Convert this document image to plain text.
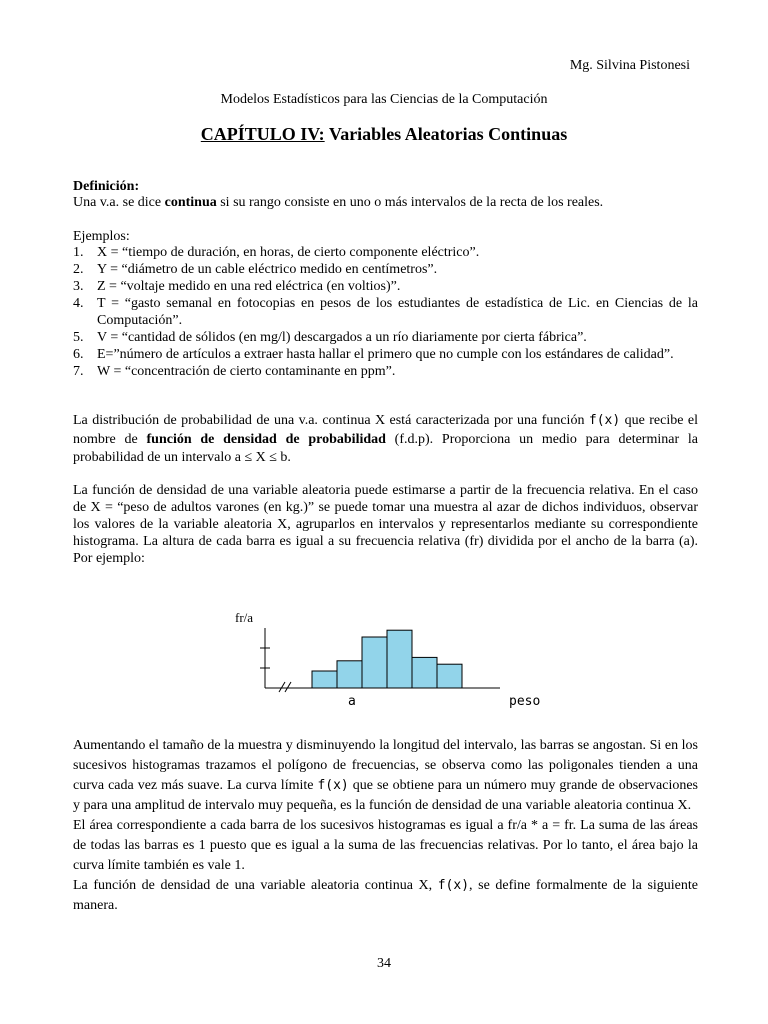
Mg. Silvina Pistonesi
Modelos Estadísticos para las Ciencias de la Computación
CAPÍTULO IV: Variables Aleatorias Continuas
Definición:
Una v.a. se dice continua si su rango consiste en uno o más intervalos de la recta de los reales.
Ejemplos:
1. X = “tiempo de duración, en horas, de cierto componente eléctrico”.
2. Y = “diámetro de un cable eléctrico medido en centímetros”.
3. Z = “voltaje medido en una red eléctrica (en voltios)”.
4. T = “gasto semanal en fotocopias en pesos de los estudiantes de estadística de Lic. en Ciencias de la Computación”.
5. V = “cantidad de sólidos (en mg/l) descargados a un río diariamente por cierta fábrica”.
6. E=”número de artículos a extraer hasta hallar el primero que no cumple con los estándares de calidad”.
7. W = “concentración de cierto contaminante en ppm”.
La distribución de probabilidad de una v.a. continua X está caracterizada por una función f(x) que recibe el nombre de función de densidad de probabilidad (f.d.p). Proporciona un medio para determinar la probabilidad de un intervalo a ≤ X ≤ b.
La función de densidad de una variable aleatoria puede estimarse a partir de la frecuencia relativa. En el caso de X = “peso de adultos varones (en kg.)” se puede tomar una muestra al azar de dichos individuos, observar los valores de la variable aleatoria X, agruparlos en intervalos y representarlos mediante su correspondiente histograma. La altura de cada barra es igual a su frecuencia relativa (fr) dividida por el ancho de la barra (a). Por ejemplo:
fr/a
a	peso
Aumentando el tamaño de la muestra y disminuyendo la longitud del intervalo, las barras se angostan. Si en los sucesivos histogramas trazamos el polígono de frecuencias, se observa como las poligonales tienden a una curva cada vez más suave. La curva límite f(x) que se obtiene para un número muy grande de observaciones y para una amplitud de intervalo muy pequeña, es la función de densidad de una variable aleatoria continua X.
El área correspondiente a cada barra de los sucesivos histogramas es igual a fr/a * a = fr. La suma de las áreas de todas las barras es 1 puesto que es igual a la suma de las frecuencias relativas. Por lo tanto, el área bajo la curva límite también es vale 1.
La función de densidad de una variable aleatoria continua X, f(x), se define formalmente de la siguiente manera.
34
